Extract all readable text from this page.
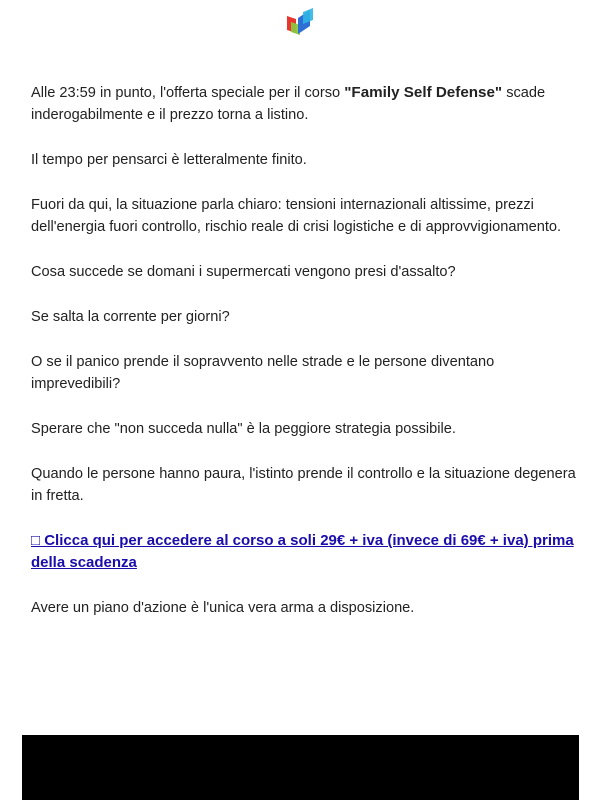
Alle 23:59 in punto, l'offerta speciale per il corso "Family Self Defense" scade inderogabilmente e il prezzo torna a listino.

Il tempo per pensarci è letteralmente finito.

Fuori da qui, la situazione parla chiaro: tensioni internazionali altissime, prezzi dell'energia fuori controllo, rischio reale di crisi logistiche e di approvvigionamento.

Cosa succede se domani i supermercati vengono presi d'assalto?

Se salta la corrente per giorni?

O se il panico prende il sopravvento nelle strade e le persone diventano imprevedibili?

Sperare che "non succeda nulla" è la peggiore strategia possibile.

Quando le persone hanno paura, l'istinto prende il controllo e la situazione degenera in fretta.

□ Clicca qui per accedere al corso a soli 29€ + iva (invece di 69€ + iva) prima della scadenza

Avere un piano d'azione è l'unica vera arma a disposizione.
